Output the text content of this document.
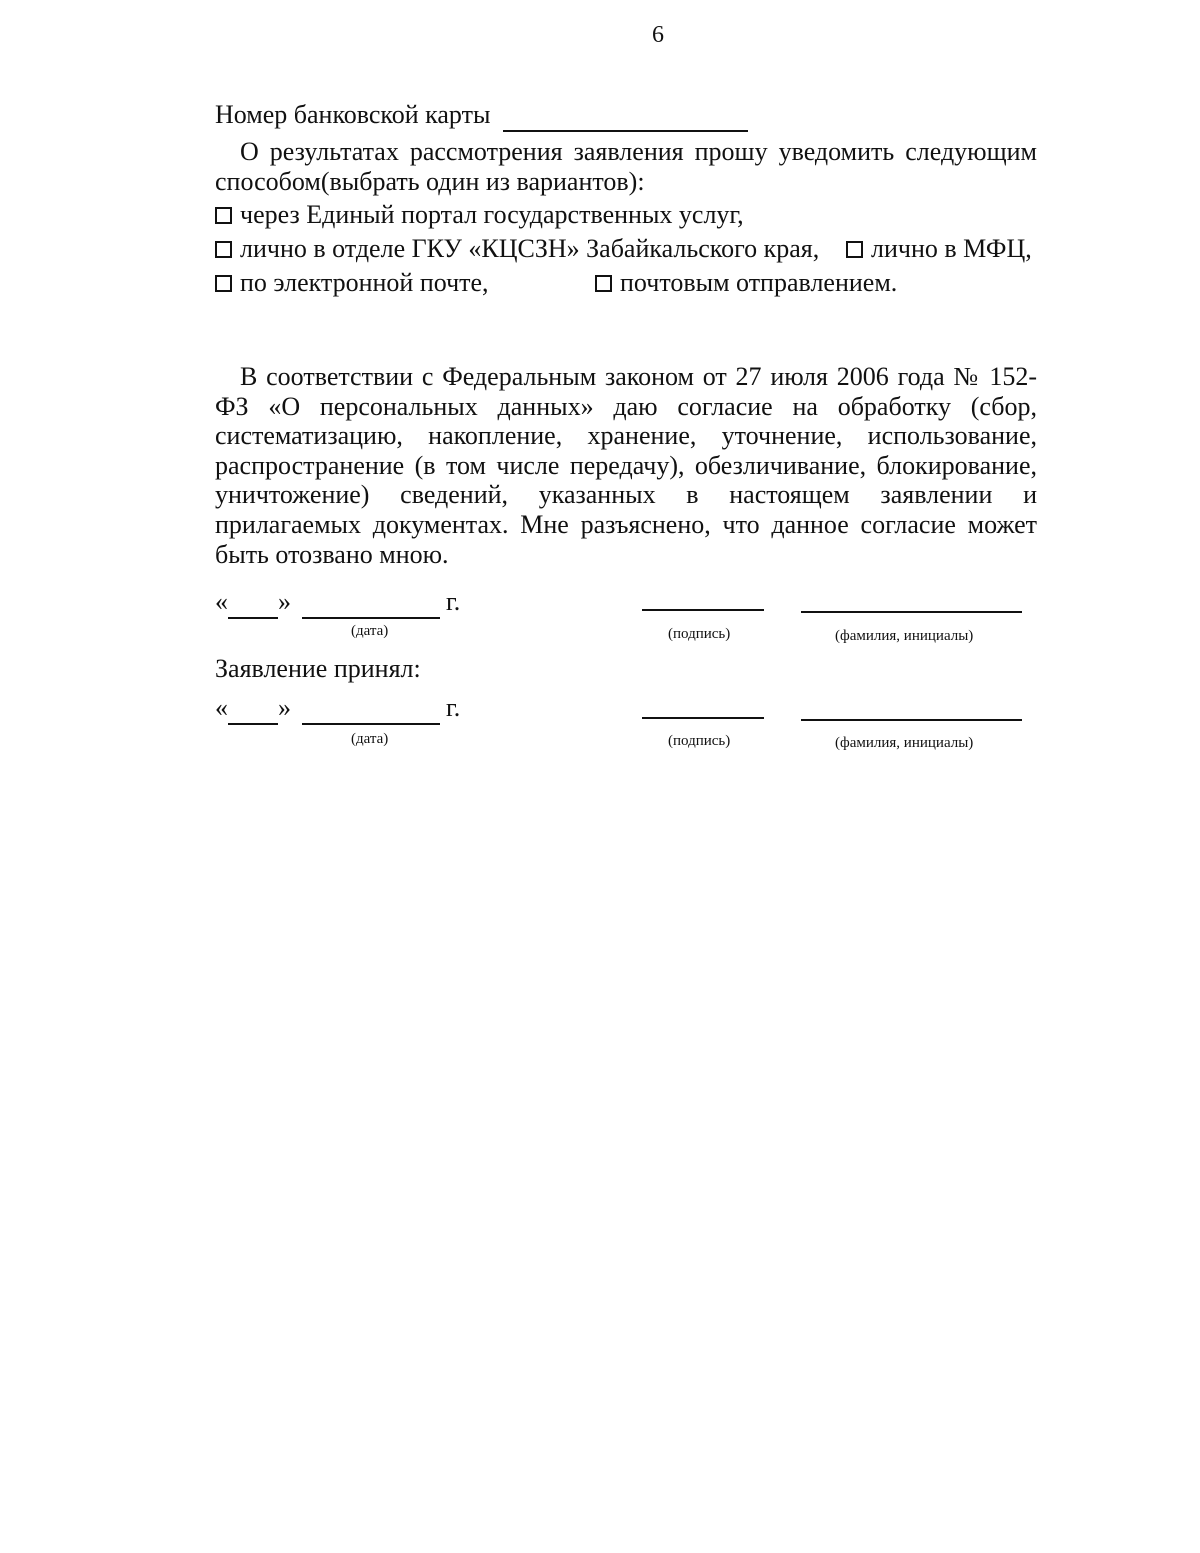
6
Номер банковской карты
О результатах рассмотрения заявления прошу уведомить следующим способом(выбрать один из вариантов):
через Единый портал государственных услуг,
лично в отделе ГКУ «КЦСЗН» Забайкальского края,	лично в МФЦ,
по электронной почте,	почтовым отправлением.
В соответствии с Федеральным законом от 27 июля 2006 года № 152-ФЗ «О персональных данных» даю согласие на обработку (сбор, систематизацию, накопление, хранение, уточнение, использование, распространение (в том числе передачу), обезличивание, блокирование, уничтожение) сведений, указанных в настоящем заявлении и прилагаемых документах. Мне разъяснено, что данное согласие может быть отозвано мною.
« »	г.
(дата)	(подпись)	(фамилия, инициалы)
Заявление принял:
« »	г.
(дата)	(подпись)	(фамилия, инициалы)
